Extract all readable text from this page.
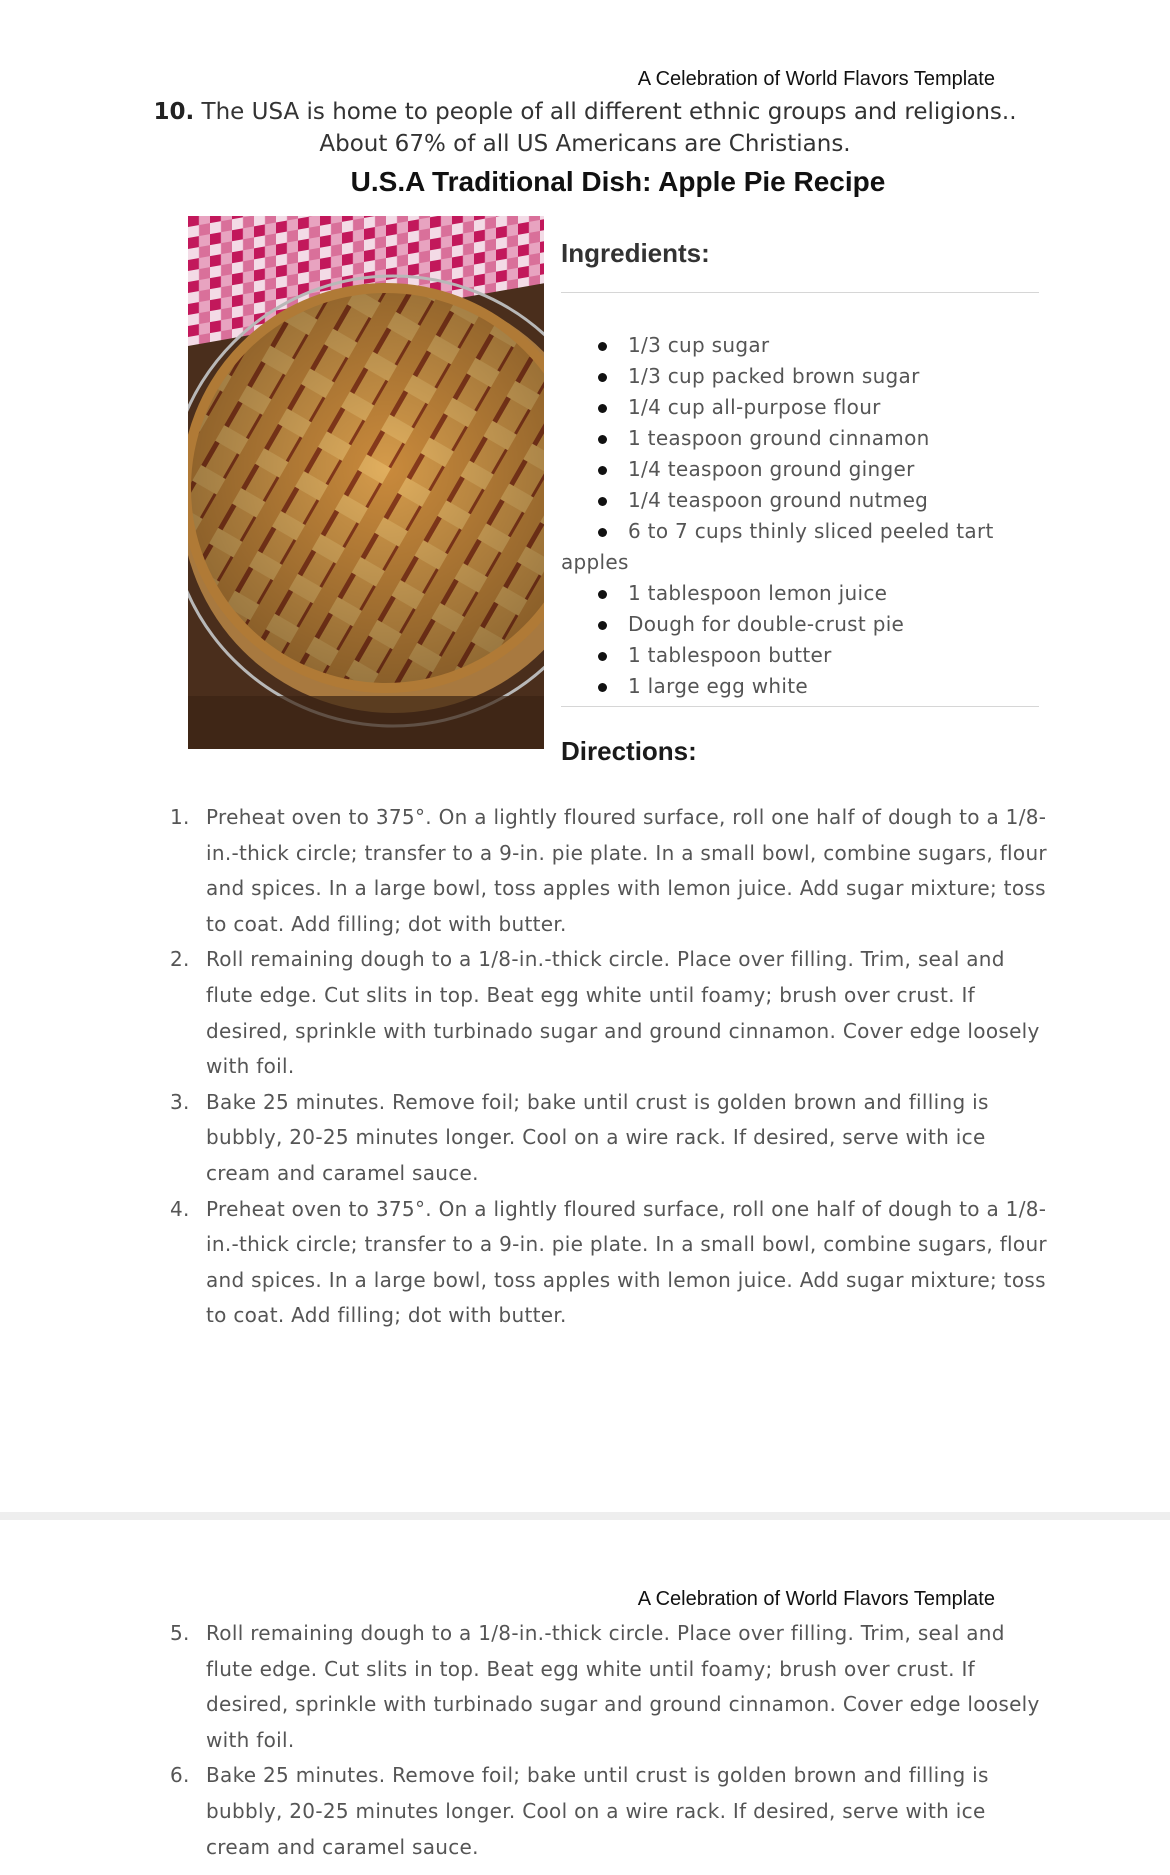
A Celebration of World Flavors Template
10. The USA is home to people of all different ethnic groups and religions..
About 67% of all US Americans are Christians.
U.S.A Traditional Dish: Apple Pie Recipe
Ingredients:
1/3 cup sugar
1/3 cup packed brown sugar
1/4 cup all-purpose flour
1 teaspoon ground cinnamon
1/4 teaspoon ground ginger
1/4 teaspoon ground nutmeg
6 to 7 cups thinly sliced peeled tart
apples
1 tablespoon lemon juice
Dough for double-crust pie
1 tablespoon butter
1 large egg white
Directions:
1. Preheat oven to 375°. On a lightly floured surface, roll one half of dough to a 1/8-in.-thick circle; transfer to a 9-in. pie plate. In a small bowl, combine sugars, flour and spices. In a large bowl, toss apples with lemon juice. Add sugar mixture; toss to coat. Add filling; dot with butter.
2. Roll remaining dough to a 1/8-in.-thick circle. Place over filling. Trim, seal and flute edge. Cut slits in top. Beat egg white until foamy; brush over crust. If desired, sprinkle with turbinado sugar and ground cinnamon. Cover edge loosely with foil.
3. Bake 25 minutes. Remove foil; bake until crust is golden brown and filling is bubbly, 20-25 minutes longer. Cool on a wire rack. If desired, serve with ice cream and caramel sauce.
4. Preheat oven to 375°. On a lightly floured surface, roll one half of dough to a 1/8-in.-thick circle; transfer to a 9-in. pie plate. In a small bowl, combine sugars, flour and spices. In a large bowl, toss apples with lemon juice. Add sugar mixture; toss to coat. Add filling; dot with butter.
A Celebration of World Flavors Template
5. Roll remaining dough to a 1/8-in.-thick circle. Place over filling. Trim, seal and flute edge. Cut slits in top. Beat egg white until foamy; brush over crust. If desired, sprinkle with turbinado sugar and ground cinnamon. Cover edge loosely with foil.
6. Bake 25 minutes. Remove foil; bake until crust is golden brown and filling is bubbly, 20-25 minutes longer. Cool on a wire rack. If desired, serve with ice cream and caramel sauce.
